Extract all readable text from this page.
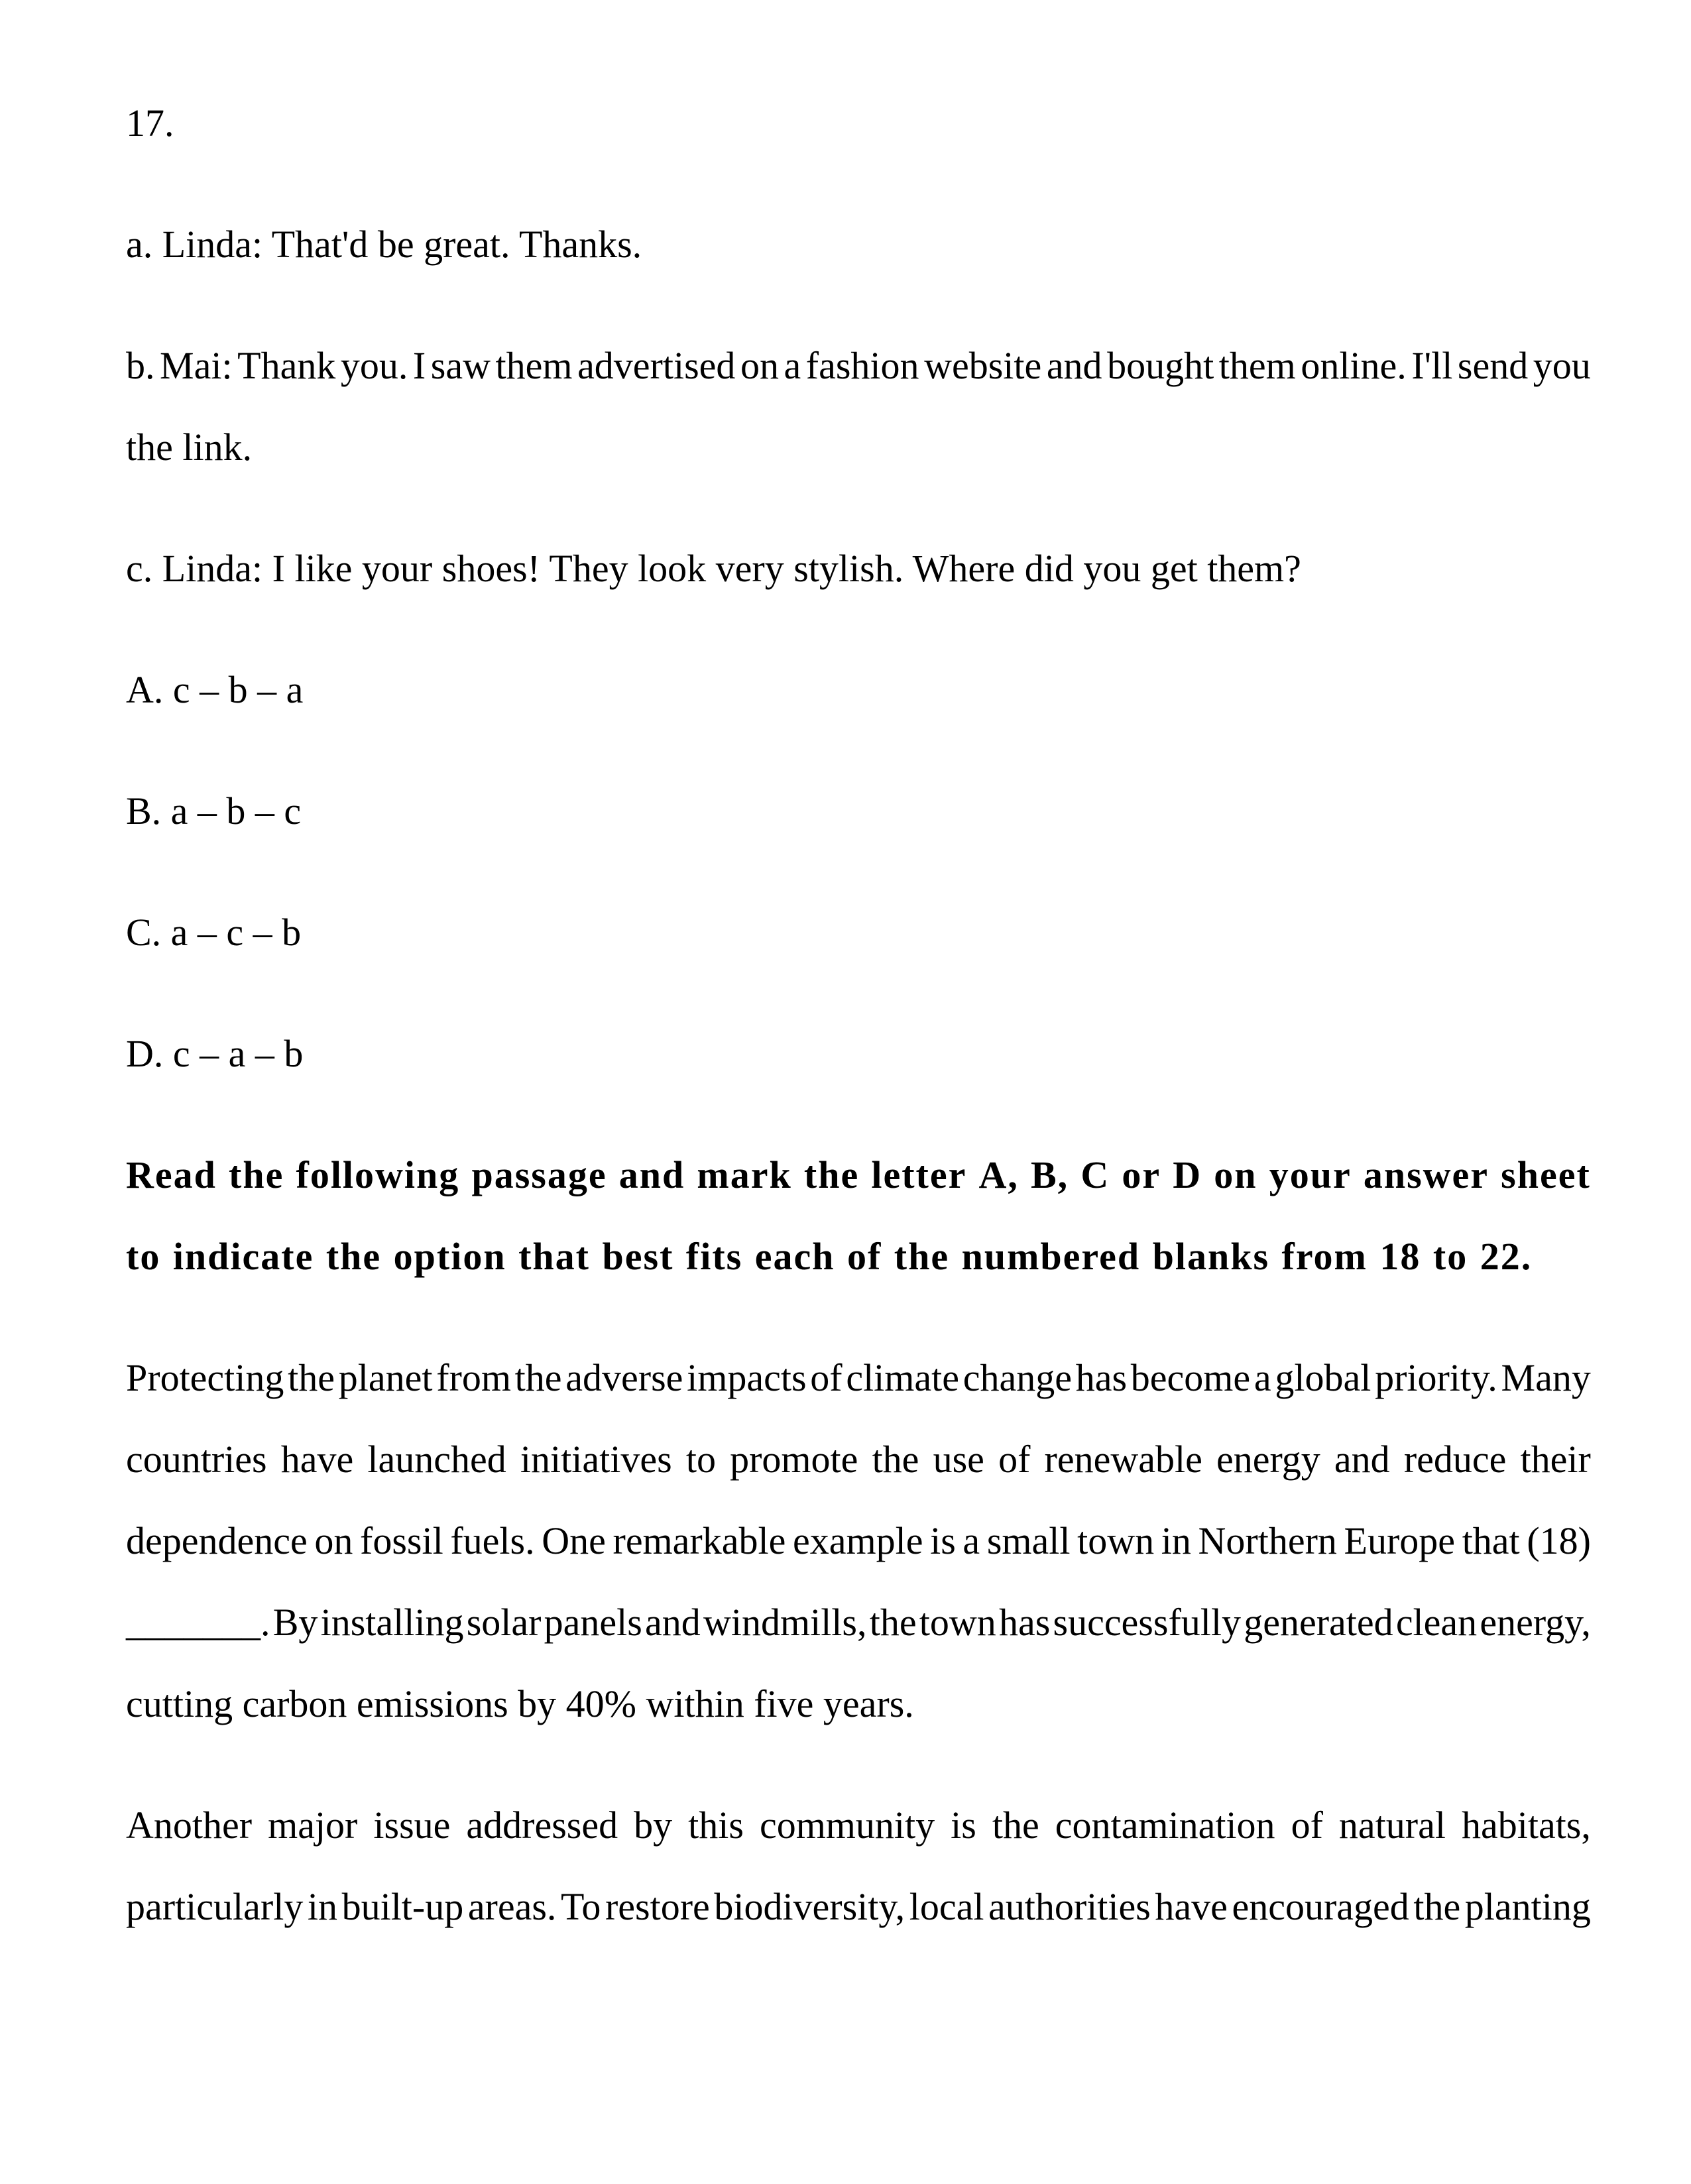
17.

a. Linda: That'd be great. Thanks.

b. Mai: Thank you. I saw them advertised on a fashion website and bought them online. I'll send you
the link.

c. Linda: I like your shoes! They look very stylish. Where did you get them?

A. c – b – a

B. a – b – c

C. a – c – b

D. c – a – b

Read the following passage and mark the letter A, B, C or D on your answer sheet
to indicate the option that best fits each of the numbered blanks from 18 to 22.

Protecting the planet from the adverse impacts of climate change has become a global priority. Many
countries have launched initiatives to promote the use of renewable energy and reduce their
dependence on fossil fuels. One remarkable example is a small town in Northern Europe that (18)
_______. By installing solar panels and windmills, the town has successfully generated clean energy,
cutting carbon emissions by 40% within five years.

Another major issue addressed by this community is the contamination of natural habitats,
particularly in built-up areas. To restore biodiversity, local authorities have encouraged the planting
